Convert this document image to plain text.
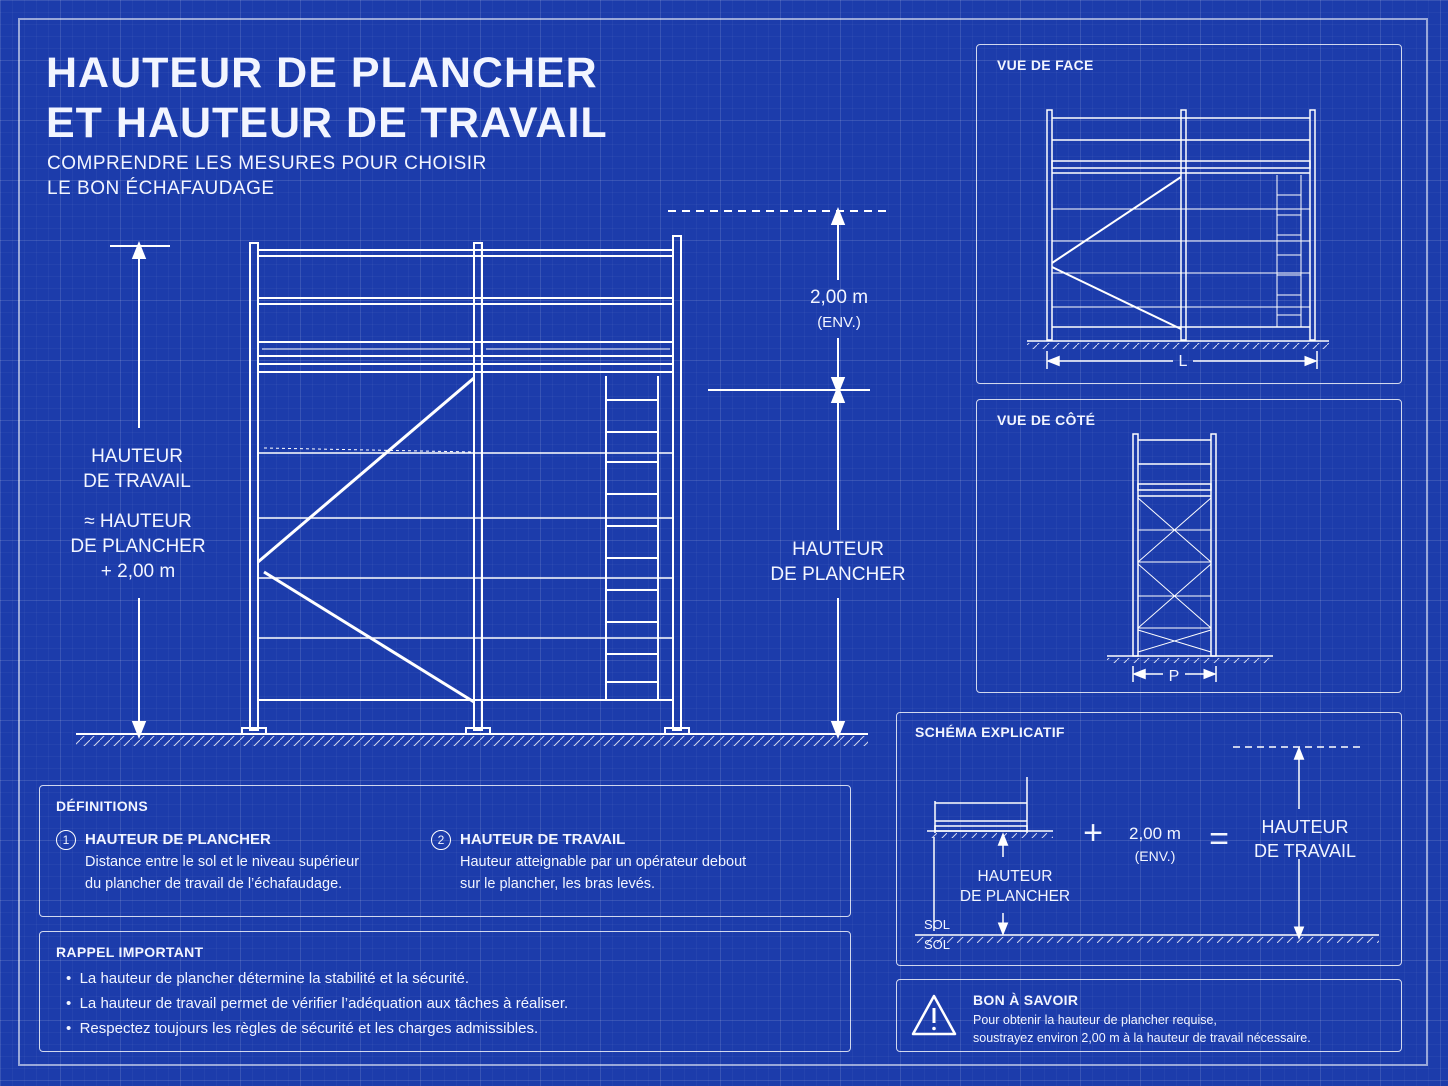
HAUTEUR DE PLANCHER
ET HAUTEUR DE TRAVAIL
COMPRENDRE LES MESURES POUR CHOISIR
LE BON ÉCHAFAUDAGE
HAUTEUR
DE TRAVAIL
≈ HAUTEUR
DE PLANCHER
+ 2,00 m
2,00 m
(ENV.)
HAUTEUR
DE PLANCHER
VUE DE FACE
L
VUE DE CÔTÉ
P
SCHÉMA EXPLICATIF
+	2,00 m
(ENV.) =	HAUTEUR
DE TRAVAIL
HAUTEUR
DE PLANCHER
SOL
SOL
DÉFINITIONS
1	HAUTEUR DE PLANCHER
Distance entre le sol et le niveau supérieur
du plancher de travail de l’échafaudage.
2	HAUTEUR DE TRAVAIL
Hauteur atteignable par un opérateur debout
sur le plancher, les bras levés.
RAPPEL IMPORTANT
•  La hauteur de plancher détermine la stabilité et la sécurité.
•  La hauteur de travail permet de vérifier l’adéquation aux tâches à réaliser.
•  Respectez toujours les règles de sécurité et les charges admissibles.
BON À SAVOIR
Pour obtenir la hauteur de plancher requise,
soustrayez environ 2,00 m à la hauteur de travail nécessaire.
